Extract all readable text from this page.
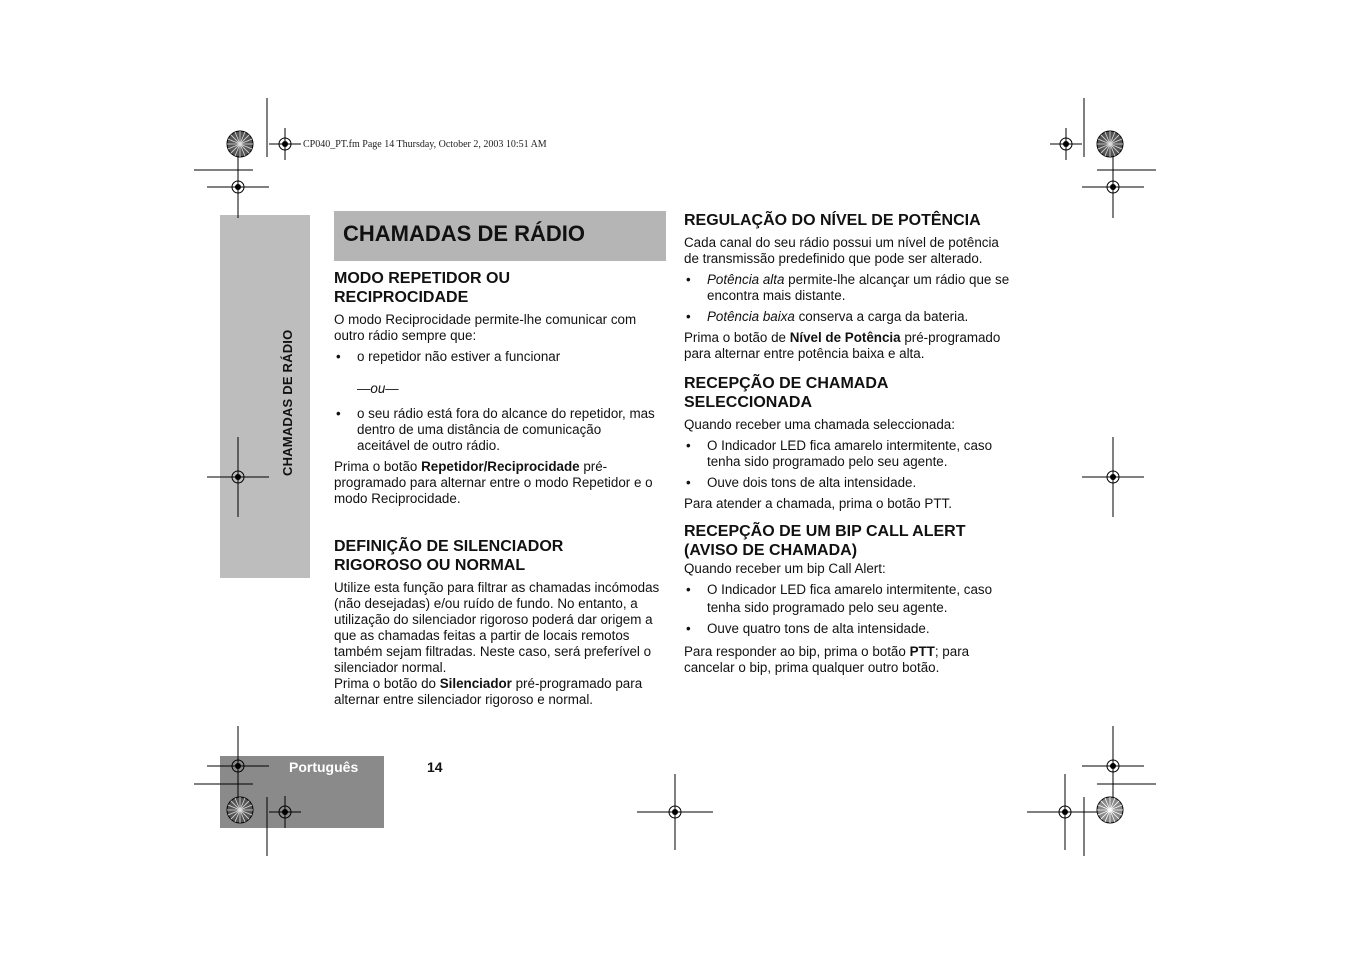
CP040_PT.fm Page 14 Thursday, October 2, 2003 10:51 AM
CHAMADAS DE RÁDIO
Português	14
CHAMADAS DE RÁDIO
MODO REPETIDOR OU RECIPROCIDADE

O modo Reciprocidade permite-lhe comunicar com outro rádio sempre que:

• o repetidor não estiver a funcionar

—ou—

• o seu rádio está fora do alcance do repetidor, mas dentro de uma distância de comunicação aceitável de outro rádio.

Prima o botão Repetidor/Reciprocidade pré-programado para alternar entre o modo Repetidor e o modo Reciprocidade.

DEFINIÇÃO DE SILENCIADOR RIGOROSO OU NORMAL

Utilize esta função para filtrar as chamadas incómodas (não desejadas) e/ou ruído de fundo. No entanto, a utilização do silenciador rigoroso poderá dar origem a que as chamadas feitas a partir de locais remotos também sejam filtradas. Neste caso, será preferível o silenciador normal.

Prima o botão do Silenciador pré-programado para alternar entre silenciador rigoroso e normal.

REGULAÇÃO DO NÍVEL DE POTÊNCIA

Cada canal do seu rádio possui um nível de potência de transmissão predefinido que pode ser alterado.

• Potência alta permite-lhe alcançar um rádio que se encontra mais distante.
• Potência baixa conserva a carga da bateria.

Prima o botão de Nível de Potência pré-programado para alternar entre potência baixa e alta.

RECEPÇÃO DE CHAMADA SELECCIONADA

Quando receber uma chamada seleccionada:

• O Indicador LED fica amarelo intermitente, caso tenha sido programado pelo seu agente.
• Ouve dois tons de alta intensidade.

Para atender a chamada, prima o botão PTT.

RECEPÇÃO DE UM BIP CALL ALERT (AVISO DE CHAMADA)

Quando receber um bip Call Alert:

• O Indicador LED fica amarelo intermitente, caso tenha sido programado pelo seu agente.
• Ouve quatro tons de alta intensidade.

Para responder ao bip, prima o botão PTT; para cancelar o bip, prima qualquer outro botão.
